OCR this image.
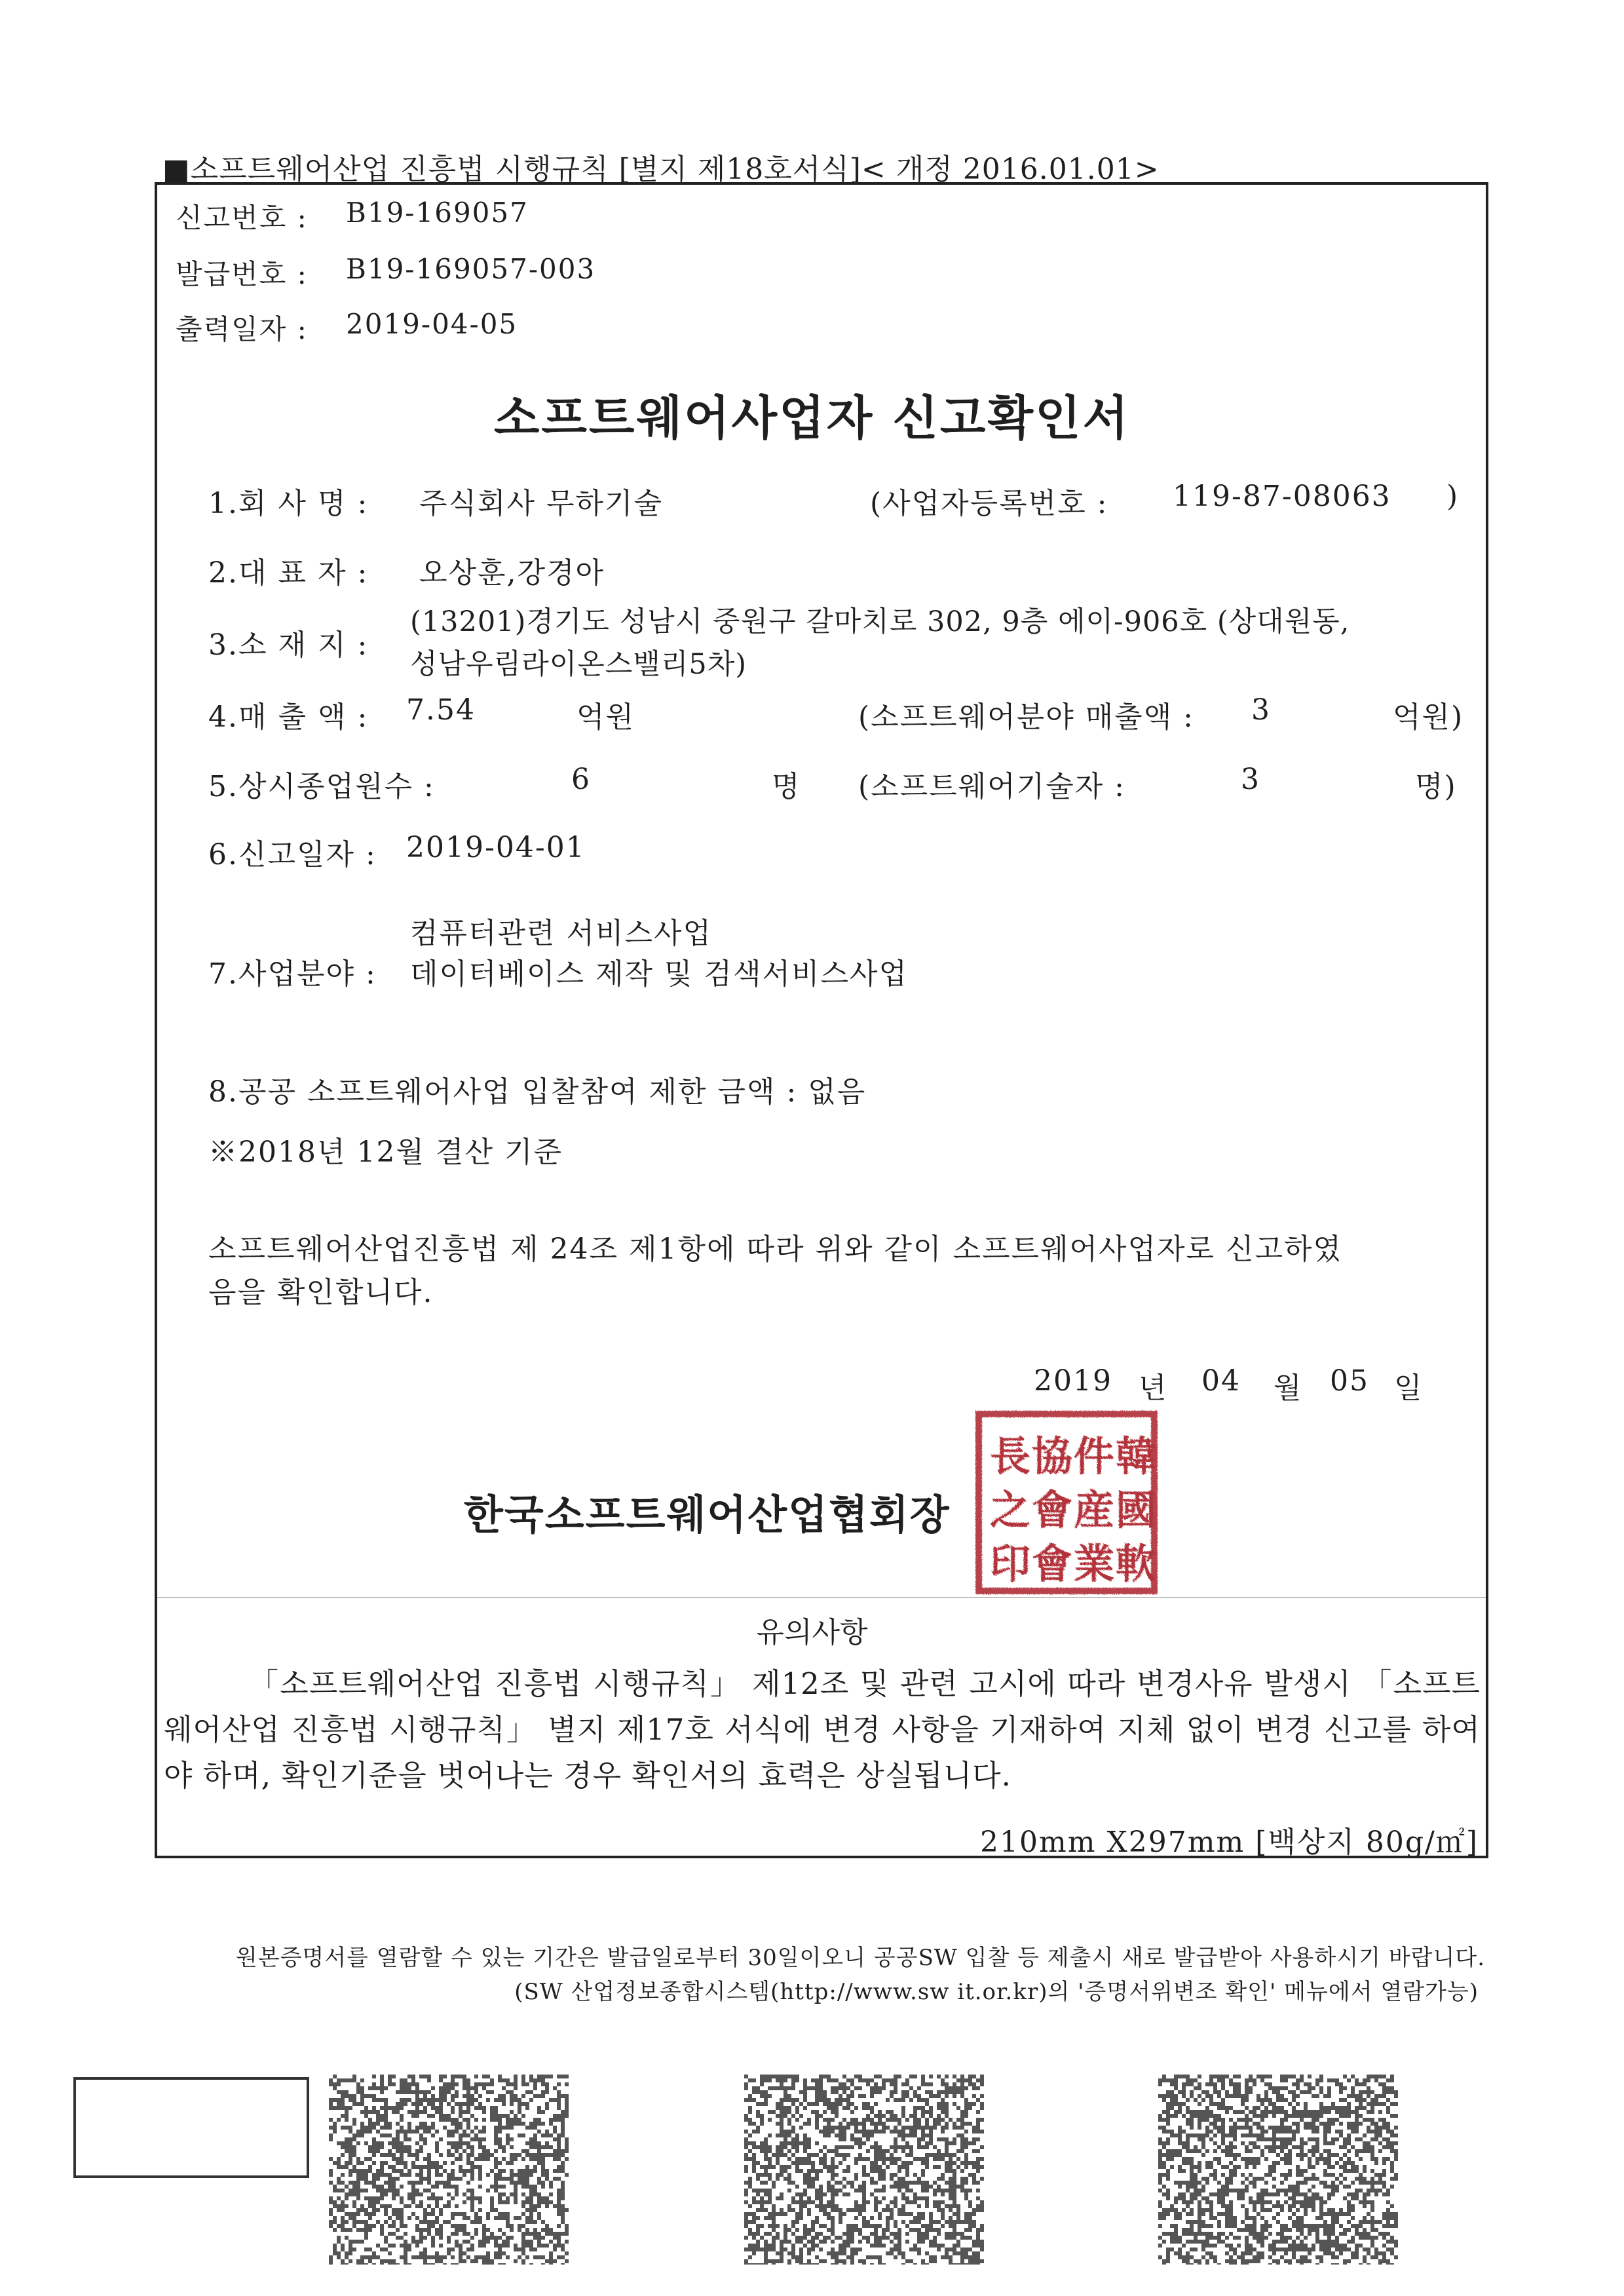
■소프트웨어산업 진흥법 시행규칙 [별지 제18호서식]< 개정 2016.01.01>
신고번호 : B19-169057
발급번호 : B19-169057-003
출력일자 : 2019-04-05
소프트웨어사업자 신고확인서
1.회 사 명 : 주식회사 무하기술	(사업자등록번호 : 119-87-08063 )
2.대 표 자 : 오상훈,강경아
3.소 재 지 :
(13201)경기도 성남시 중원구 갈마치로 302, 9층 에이-906호 (상대원동,
성남우림라이온스밸리5차)
4.매 출 액 : 7.54	억원	(소프트웨어분야 매출액 : 3	억원)
5.상시종업원수 :	6	명 (소프트웨어기술자 :	3	명)
6.신고일자 : 2019-04-01
컴퓨터관련 서비스사업
7.사업분야 : 데이터베이스 제작 및 검색서비스사업
8.공공 소프트웨어사업 입찰참여 제한 금액 : 없음
※2018년 12월 결산 기준
소프트웨어산업진흥법 제 24조 제1항에 따라 위와 같이 소프트웨어사업자로 신고하였
음을 확인합니다.
2019 년 04 월 05 일
한국소프트웨어산업협회장
韓
國
軟
件
産
業
協
會
會
長
之
印
유의사항
「소프트웨어산업 진흥법 시행규칙」 제12조 및 관련 고시에 따라 변경사유 발생시 「소프트웨어산업 진흥법 시행규칙」 별지 제17호 서식에 변경 사항을 기재하여 지체 없이 변경 신고를 하여야 하며, 확인기준을 벗어나는 경우 확인서의 효력은 상실됩니다.
210mm X297mm [백상지 80g/㎡]
원본증명서를 열람할 수 있는 기간은 발급일로부터 30일이오니 공공SW 입찰 등 제출시 새로 발급받아 사용하시기 바랍니다.
(SW 산업정보종합시스템(http://www.sw it.or.kr)의 '증명서위변조 확인' 메뉴에서 열람가능)
